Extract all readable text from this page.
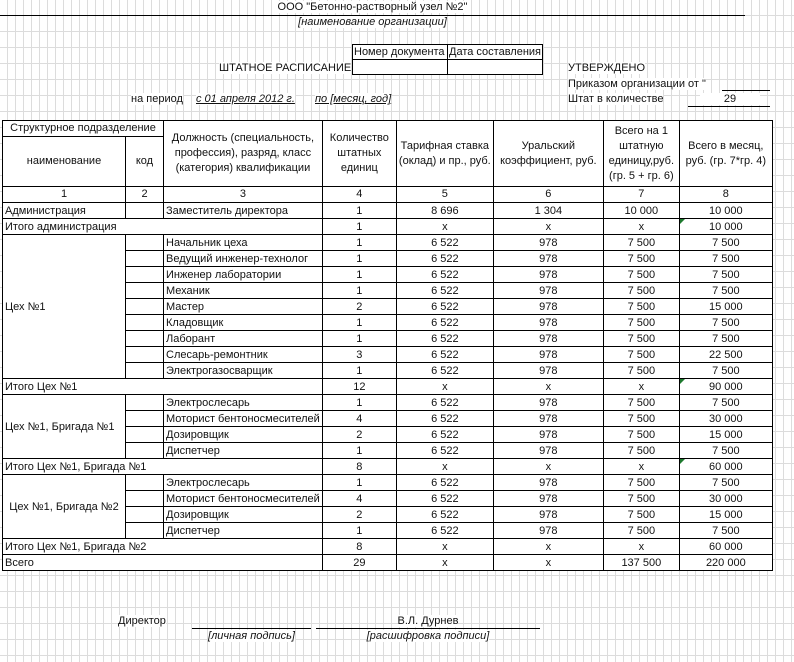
ООО "Бетонно-растворный узел №2"
[наименование организации]
Номер документа	Дата составления

ШТАТНОЕ РАСПИСАНИЕ	УТВЕРЖДЕНО
Приказом организации от "
Штат в количестве	29
на период с 01 апреля 2012 г. по [месяц, год]
Структурное подразделение		Должность (специальность, профессия), разряд, класс (категория) квалификации	Количество штатных единиц	Тарифная ставка (оклад) и пр., руб.	Уральский коэффициент, руб.	Всего на 1 штатную единицу,руб. (гр. 5 + гр. 6)	Всего в месяц, руб. (гр. 7*гр. 4)
наименование	код						
1	2	3	4	5	6	7	8
Администрация		Заместитель директора	1	8 696	1 304	10 000	10 000
Итого администрация			1	х	х	х	10 000

Цех №1		Начальник цеха	1	6 522	978	7 500	7 500
		Ведущий инженер-технолог	1	6 522	978	7 500	7 500
		Инженер лаборатории	1	6 522	978	7 500	7 500
		Механик	1	6 522	978	7 500	7 500
		Мастер	2	6 522	978	7 500	15 000
		Кладовщик	1	6 522	978	7 500	7 500
		Лаборант	1	6 522	978	7 500	7 500
		Слесарь-ремонтник	3	6 522	978	7 500	22 500
		Электрогазосварщик	1	6 522	978	7 500	7 500
Итого Цех №1			12	х	х	х	90 000

Цех №1, Бригада №1		Электрослесарь	1	6 522	978	7 500	7 500
		Моторист бентоносмесителей	4	6 522	978	7 500	30 000
		Дозировщик	2	6 522	978	7 500	15 000
		Диспетчер	1	6 522	978	7 500	7 500
Итого Цех №1, Бригада №1			8	х	х	х	60 000

Цех №1, Бригада №2		Электрослесарь	1	6 522	978	7 500	7 500
		Моторист бентоносмесителей	4	6 522	978	7 500	30 000
		Дозировщик	2	6 522	978	7 500	15 000
		Диспетчер	1	6 522	978	7 500	7 500
Итого Цех №1, Бригада №2			8	х	х	х	60 000
Всего			29	х	х	137 500	220 000
Директор	В.Л. Дурнев
[личная подпись]	[расшифровка подписи]
